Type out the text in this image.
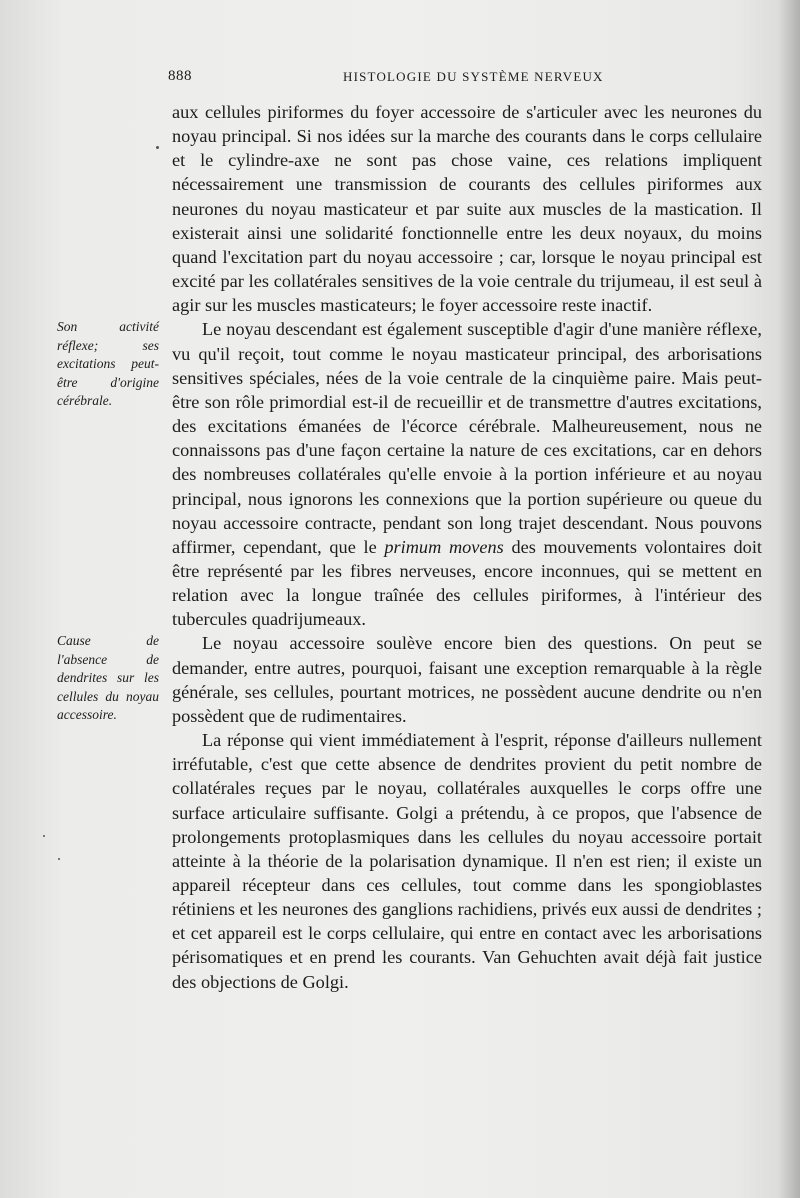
888	HISTOLOGIE DU SYSTÈME NERVEUX
Son activité réflexe; ses excitations peut-être d'origine cérébrale.
Cause de l'absence de dendrites sur les cellules du noyau accessoire.

aux cellules piriformes du foyer accessoire de s'articuler avec les neurones du noyau principal. Si nos idées sur la marche des courants dans le corps cellulaire et le cylindre-axe ne sont pas chose vaine, ces relations impliquent nécessairement une transmission de courants des cellules piriformes aux neurones du noyau masticateur et par suite aux muscles de la mastication. Il existerait ainsi une solidarité fonctionnelle entre les deux noyaux, du moins quand l'excitation part du noyau accessoire ; car, lorsque le noyau principal est excité par les collatérales sensitives de la voie centrale du trijumeau, il est seul à agir sur les muscles masticateurs; le foyer accessoire reste inactif.

Le noyau descendant est également susceptible d'agir d'une manière réflexe, vu qu'il reçoit, tout comme le noyau masticateur principal, des arborisations sensitives spéciales, nées de la voie centrale de la cinquième paire. Mais peut-être son rôle primordial est-il de recueillir et de transmettre d'autres excitations, des excitations émanées de l'écorce cérébrale. Malheureusement, nous ne connaissons pas d'une façon certaine la nature de ces excitations, car en dehors des nombreuses collatérales qu'elle envoie à la portion inférieure et au noyau principal, nous ignorons les connexions que la portion supérieure ou queue du noyau accessoire contracte, pendant son long trajet descendant. Nous pouvons affirmer, cependant, que le primum movens des mouvements volontaires doit être représenté par les fibres nerveuses, encore inconnues, qui se mettent en relation avec la longue traînée des cellules piriformes, à l'intérieur des tubercules quadrijumeaux.

Le noyau accessoire soulève encore bien des questions. On peut se demander, entre autres, pourquoi, faisant une exception remarquable à la règle générale, ses cellules, pourtant motrices, ne possèdent aucune dendrite ou n'en possèdent que de rudimentaires.

La réponse qui vient immédiatement à l'esprit, réponse d'ailleurs nullement irréfutable, c'est que cette absence de dendrites provient du petit nombre de collatérales reçues par le noyau, collatérales auxquelles le corps offre une surface articulaire suffisante. Golgi a prétendu, à ce propos, que l'absence de prolongements protoplasmiques dans les cellules du noyau accessoire portait atteinte à la théorie de la polarisation dynamique. Il n'en est rien; il existe un appareil récepteur dans ces cellules, tout comme dans les spongioblastes rétiniens et les neurones des ganglions rachidiens, privés eux aussi de dendrites ; et cet appareil est le corps cellulaire, qui entre en contact avec les arborisations périsomatiques et en prend les courants. Van Gehuchten avait déjà fait justice des objections de Golgi.
